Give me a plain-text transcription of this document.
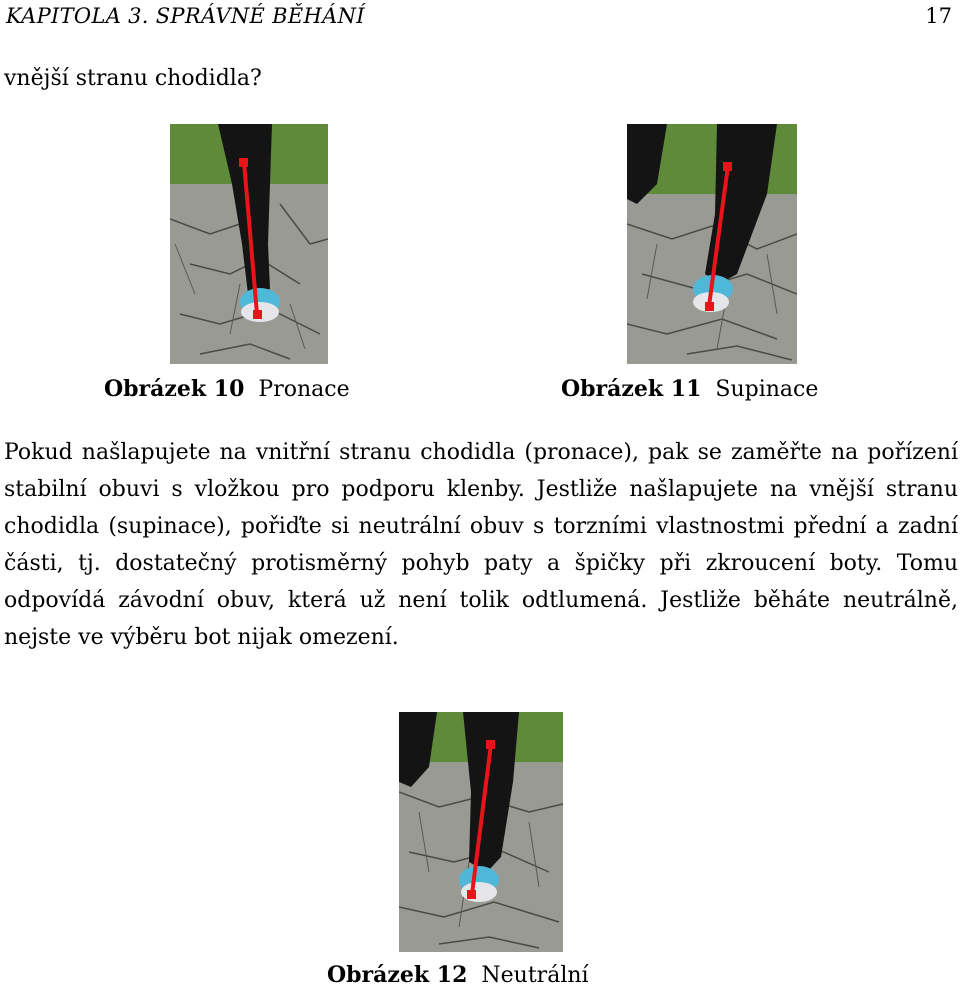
KAPITOLA 3. SPRÁVNÉ BĚHÁNÍ	17
vnější stranu chodidla?
Obrázek 10 Pronace	Obrázek 11 Supinace
Pokud našlapujete na vnitřní stranu chodidla (pronace), pak se zaměřte na pořízení stabilní obuvi s vložkou pro podporu klenby. Jestliže našlapujete na vnější stranu chodidla (supinace), pořiďte si neutrální obuv s torzními vlastnostmi přední a zadní části, tj. dostatečný protisměrný pohyb paty a špičky při zkroucení boty. Tomu odpovídá závodní obuv, která už není tolik odtlumená. Jestliže běháte neutrálně, nejste ve výběru bot nijak omezení.
Obrázek 12 Neutrální
